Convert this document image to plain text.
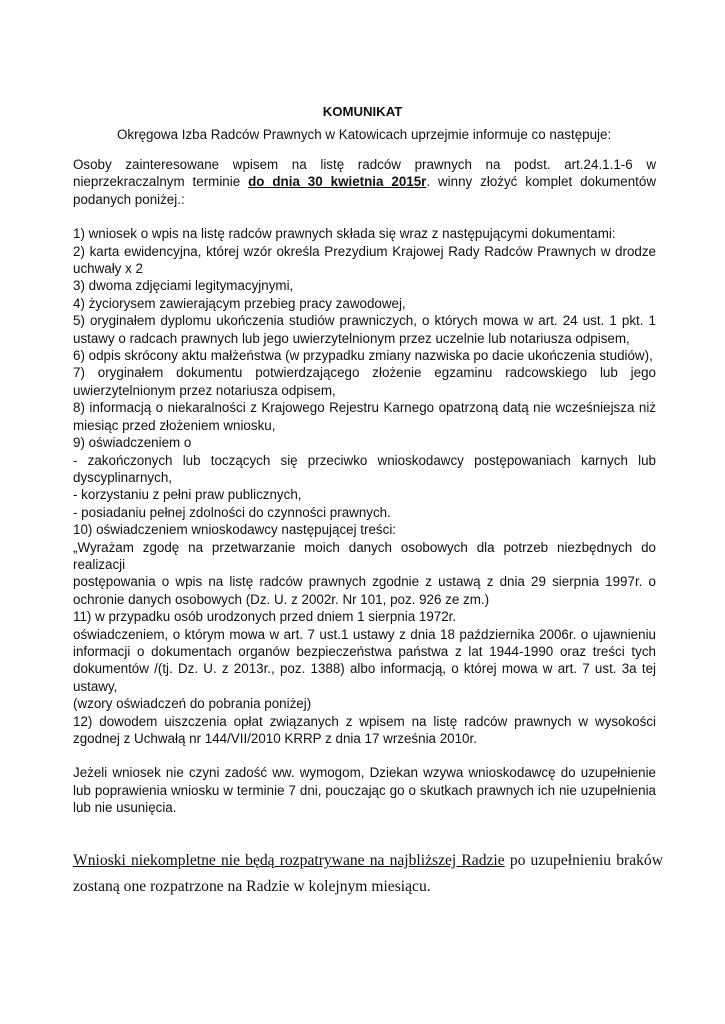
KOMUNIKAT
Okręgowa Izba Radców Prawnych w Katowicach uprzejmie informuje co następuje:

Osoby zainteresowane wpisem na listę radców prawnych na podst. art.24.1.1-6 w nieprzekraczalnym terminie do dnia 30 kwietnia 2015r. winny złożyć komplet dokumentów podanych poniżej.:

1) wniosek o wpis na listę radców prawnych składa się wraz z następującymi dokumentami:

2) karta ewidencyjna, której wzór określa Prezydium Krajowej Rady Radców Prawnych w drodze uchwały x 2

3) dwoma zdjęciami legitymacyjnymi,

4) życiorysem zawierającym przebieg pracy zawodowej,

5) oryginałem dyplomu ukończenia studiów prawniczych, o których mowa w art. 24 ust. 1 pkt. 1 ustawy o radcach prawnych lub jego uwierzytelnionym przez uczelnie lub notariusza odpisem,

6) odpis skrócony aktu małżeństwa (w przypadku zmiany nazwiska po dacie ukończenia studiów),

7) oryginałem dokumentu potwierdzającego złożenie egzaminu radcowskiego lub jego uwierzytelnionym przez notariusza odpisem,

8) informacją o niekaralności z Krajowego Rejestru Karnego opatrzoną datą nie wcześniejsza niż miesiąc przed złożeniem wniosku,

9) oświadczeniem o

- zakończonych lub toczących się przeciwko wnioskodawcy postępowaniach karnych lub dyscyplinarnych,

- korzystaniu z pełni praw publicznych,

- posiadaniu pełnej zdolności do czynności prawnych.

10) oświadczeniem wnioskodawcy następującej treści:

„Wyrażam zgodę na przetwarzanie moich danych osobowych dla potrzeb niezbędnych do realizacji

postępowania o wpis na listę radców prawnych zgodnie z ustawą z dnia 29 sierpnia 1997r. o ochronie danych osobowych (Dz. U. z 2002r. Nr 101, poz. 926 ze zm.)

11) w przypadku osób urodzonych przed dniem 1 sierpnia 1972r.

oświadczeniem, o którym mowa w art. 7 ust.1 ustawy z dnia 18 października 2006r. o ujawnieniu informacji o dokumentach organów bezpieczeństwa państwa z lat 1944-1990 oraz treści tych dokumentów /(tj. Dz. U. z 2013r., poz. 1388) albo informacją, o której mowa w art. 7 ust. 3a tej ustawy,

(wzory oświadczeń do pobrania poniżej)

12) dowodem uiszczenia opłat związanych z wpisem na listę radców prawnych w wysokości zgodnej z Uchwałą nr 144/VII/2010 KRRP z dnia 17 września 2010r.

Jeżeli wniosek nie czyni zadość ww. wymogom, Dziekan wzywa wnioskodawcę do uzupełnienie lub poprawienia wniosku w terminie 7 dni, pouczając go o skutkach prawnych ich nie uzupełnienia lub nie usunięcia.

Wnioski niekompletne nie będą rozpatrywane na najbliższej Radzie po uzupełnieniu braków zostaną one rozpatrzone na Radzie w kolejnym miesiącu.
